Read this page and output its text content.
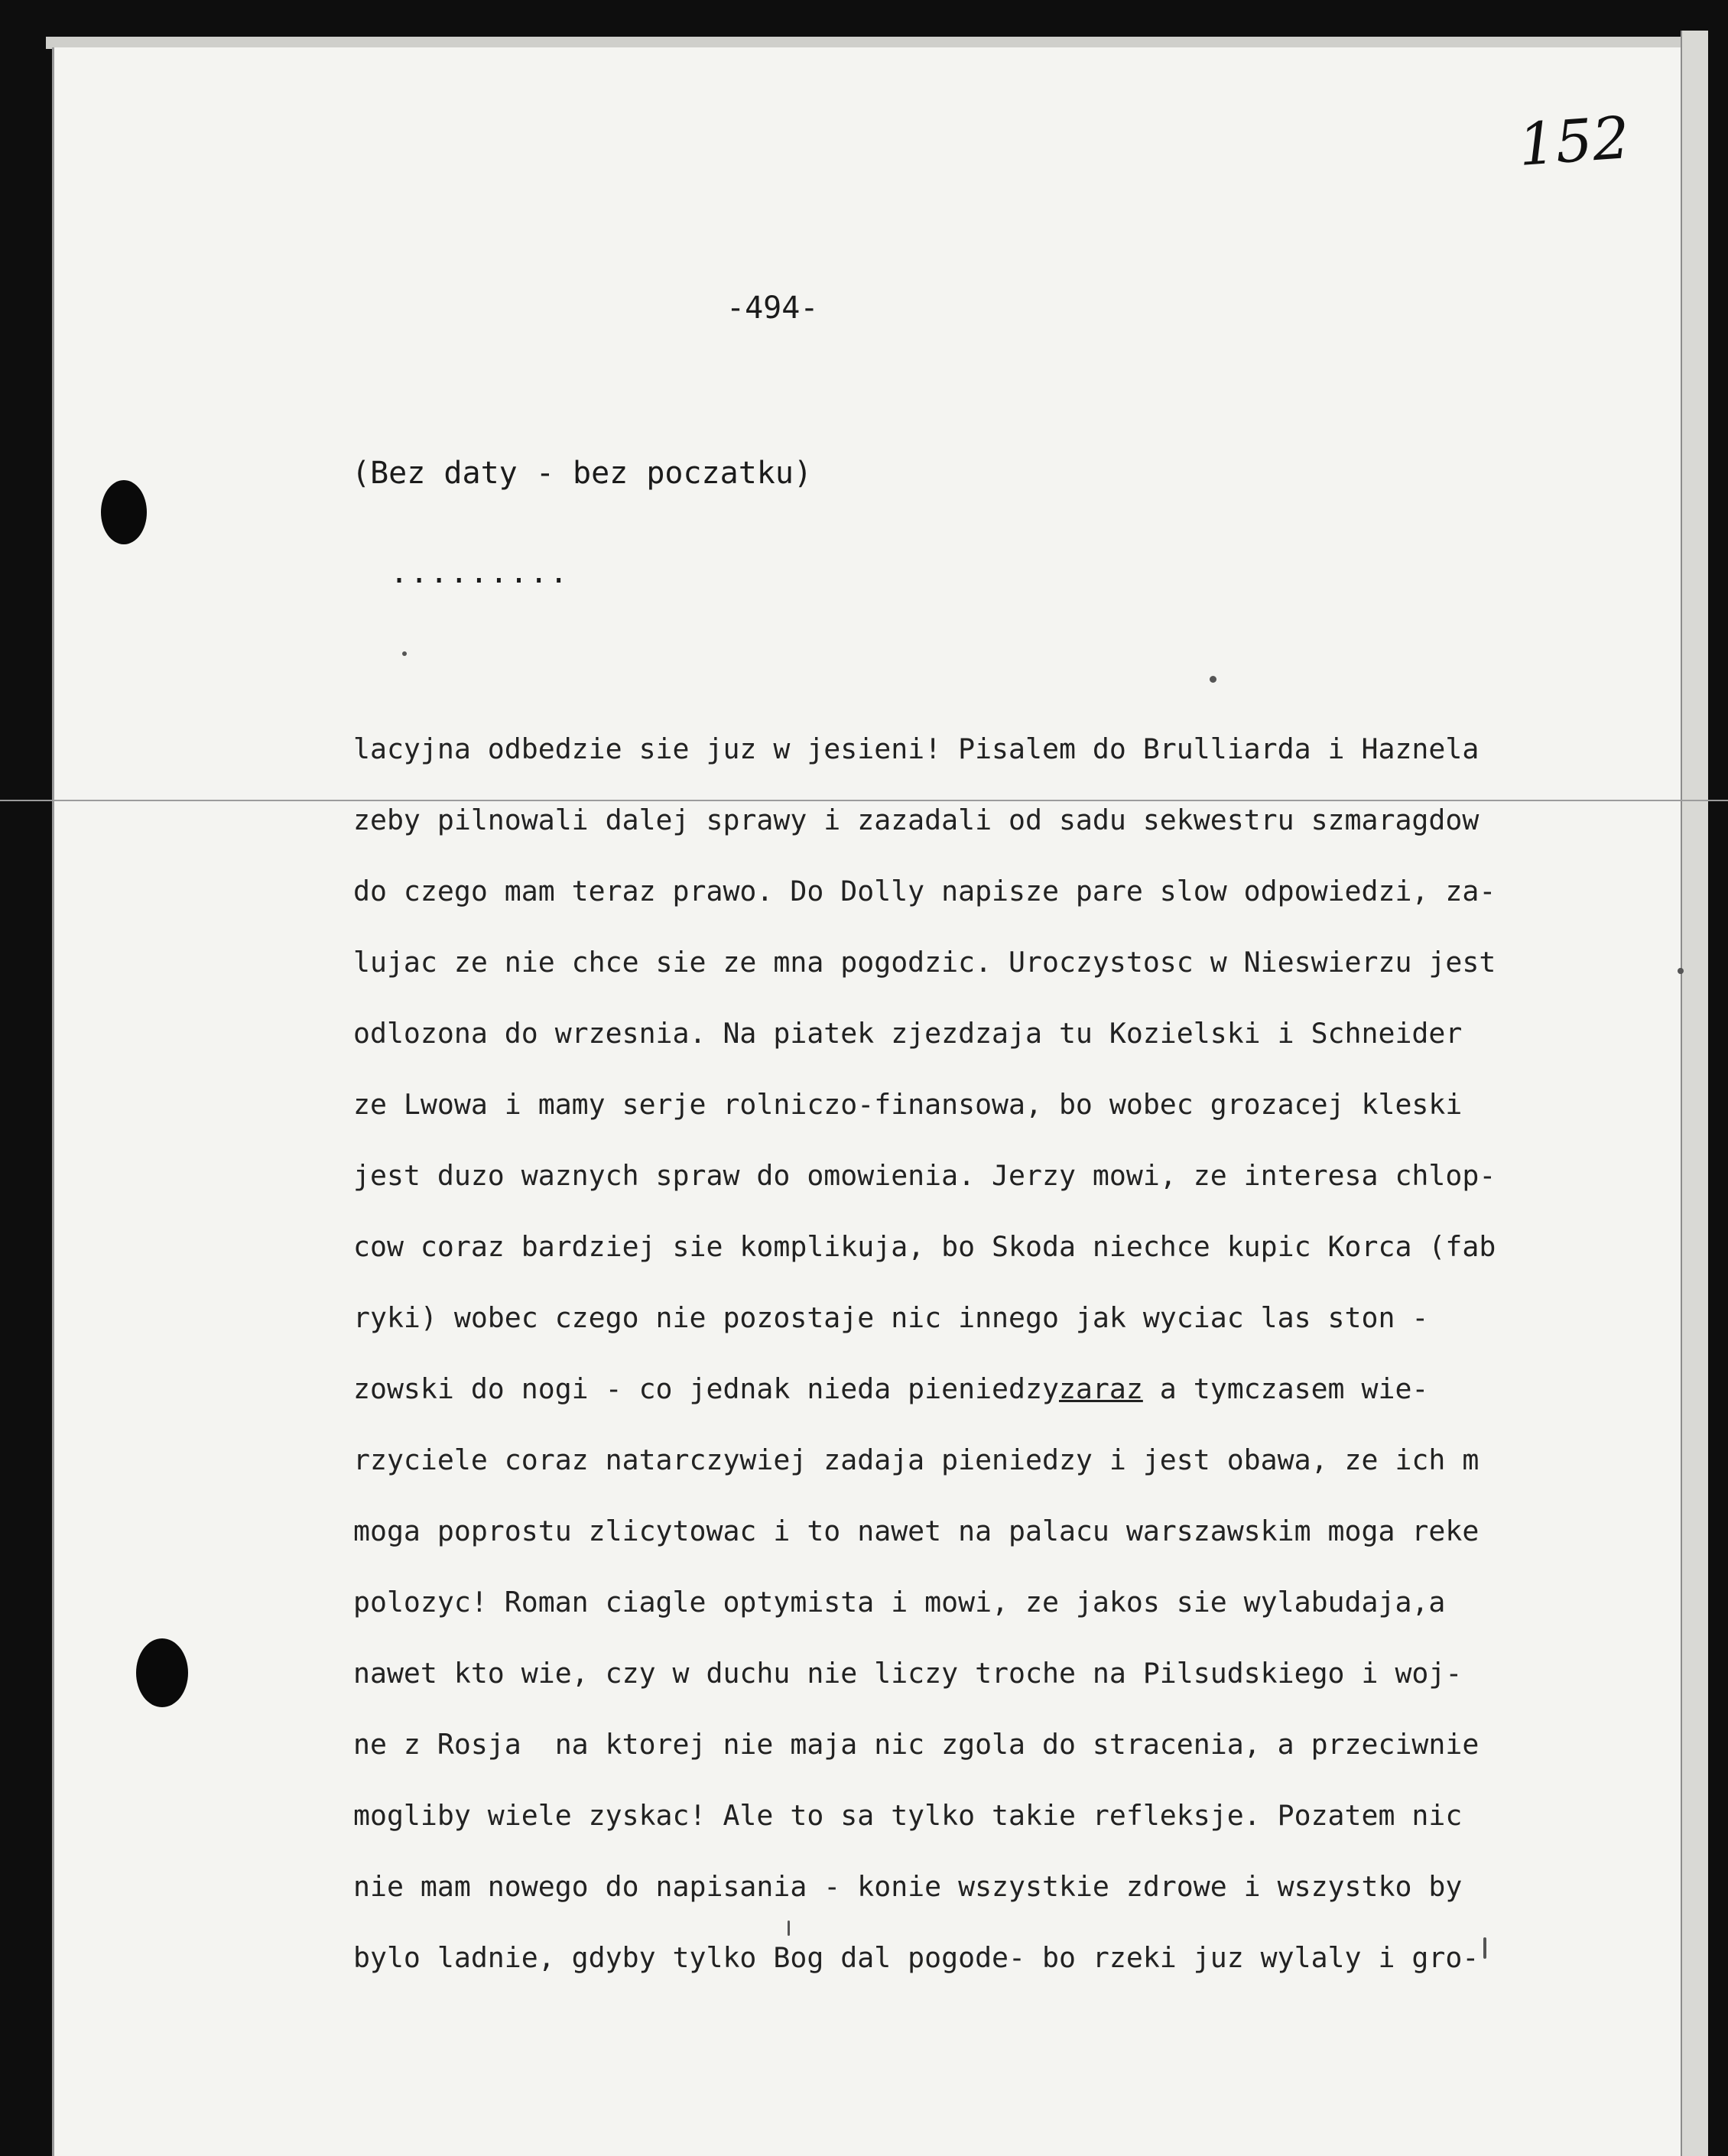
152
-494-
(Bez daty - bez poczatku)
.........
lacyjna odbedzie sie juz w jesieni! Pisalem do Brulliarda i Haznela
zeby pilnowali dalej sprawy i zazadali od sadu sekwestru szmaragdow
do czego mam teraz prawo. Do Dolly napisze pare slow odpowiedzi, za-
lujac ze nie chce sie ze mna pogodzic. Uroczystosc w Nieswierzu jest
odlozona do wrzesnia. Na piatek zjezdzaja tu Kozielski i Schneider
ze Lwowa i mamy serje rolniczo-finansowa, bo wobec grozacej kleski
jest duzo waznych spraw do omowienia. Jerzy mowi, ze interesa chlop-
cow coraz bardziej sie komplikuja, bo Skoda niechce kupic Korca (fab
ryki) wobec czego nie pozostaje nic innego jak wyciac las ston -
zowski do nogi - co jednak nieda pieniedzyzaraz a tymczasem wie-
rzyciele coraz natarczywiej zadaja pieniedzy i jest obawa, ze ich m
moga poprostu zlicytowac i to nawet na palacu warszawskim moga reke
polozyc! Roman ciagle optymista i mowi, ze jakos sie wylabudaja,a
nawet kto wie, czy w duchu nie liczy troche na Pilsudskiego i woj-
ne z Rosja  na ktorej nie maja nic zgola do stracenia, a przeciwnie
mogliby wiele zyskac! Ale to sa tylko takie refleksje. Pozatem nic
nie mam nowego do napisania - konie wszystkie zdrowe i wszystko by
bylo ladnie, gdyby tylko Bog dal pogode- bo rzeki juz wylaly i gro-
